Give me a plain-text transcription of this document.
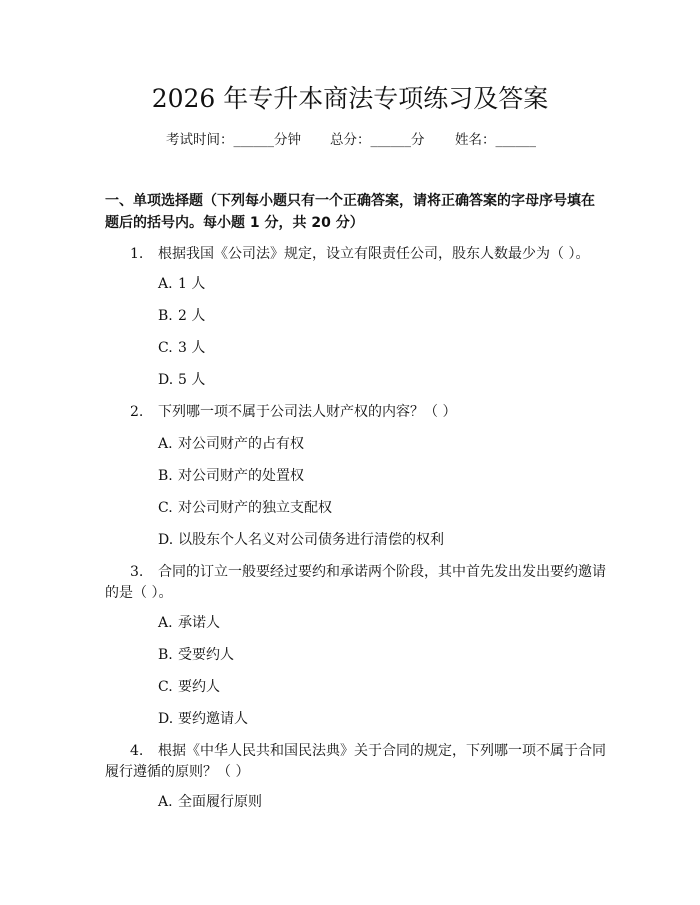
2026 年专升本商法专项练习及答案
考试时间：______分钟 总分：______分 姓名：______
一、单项选择题（下列每小题只有一个正确答案，请将正确答案的字母序号填在
题后的括号内。每小题 1 分，共 20 分）
1. 根据我国《公司法》规定，设立有限责任公司，股东人数最少为（ ）。
A. 1 人
B. 2 人
C. 3 人
D. 5 人
2. 下列哪一项不属于公司法人财产权的内容？（ ）
A. 对公司财产的占有权
B. 对公司财产的处置权
C. 对公司财产的独立支配权
D. 以股东个人名义对公司债务进行清偿的权利
3. 合同的订立一般要经过要约和承诺两个阶段，其中首先发出发出要约邀请
的是（ ）。
A. 承诺人
B. 受要约人
C. 要约人
D. 要约邀请人
4. 根据《中华人民共和国民法典》关于合同的规定，下列哪一项不属于合同
履行遵循的原则？（ ）
A. 全面履行原则
